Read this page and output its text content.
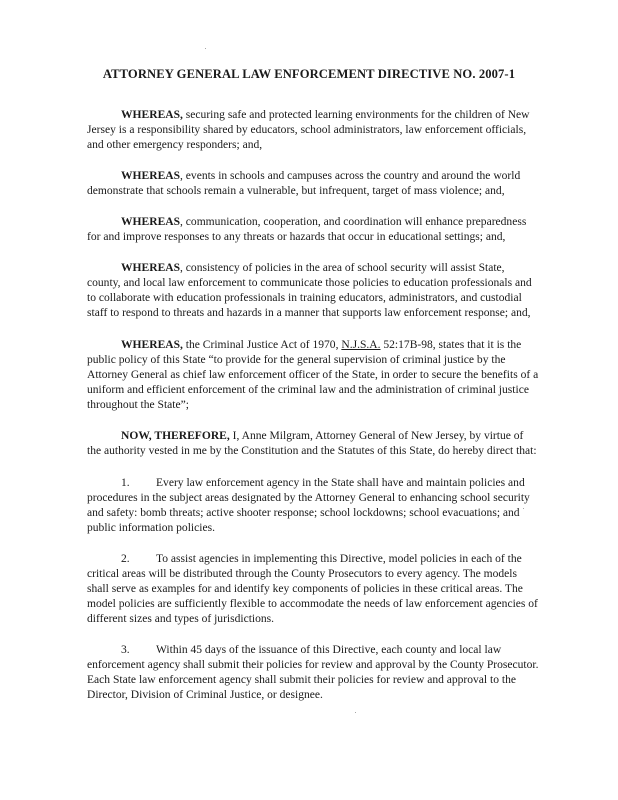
ATTORNEY GENERAL LAW ENFORCEMENT DIRECTIVE NO. 2007-1

WHEREAS, securing safe and protected learning environments for the children of New Jersey is a responsibility shared by educators, school administrators, law enforcement officials, and other emergency responders; and,

WHEREAS, events in schools and campuses across the country and around the world demonstrate that schools remain a vulnerable, but infrequent, target of mass violence; and,

WHEREAS, communication, cooperation, and coordination will enhance preparedness for and improve responses to any threats or hazards that occur in educational settings; and,

WHEREAS, consistency of policies in the area of school security will assist State, county, and local law enforcement to communicate those policies to education professionals and to collaborate with education professionals in training educators, administrators, and custodial staff to respond to threats and hazards in a manner that supports law enforcement response; and,

WHEREAS, the Criminal Justice Act of 1970, N.J.S.A. 52:17B-98, states that it is the public policy of this State “to provide for the general supervision of criminal justice by the Attorney General as chief law enforcement officer of the State, in order to secure the benefits of a uniform and efficient enforcement of the criminal law and the administration of criminal justice throughout the State”;

NOW, THEREFORE, I, Anne Milgram, Attorney General of New Jersey, by virtue of the authority vested in me by the Constitution and the Statutes of this State, do hereby direct that:

1. Every law enforcement agency in the State shall have and maintain policies and procedures in the subject areas designated by the Attorney General to enhancing school security and safety: bomb threats; active shooter response; school lockdowns; school evacuations; and public information policies.

2. To assist agencies in implementing this Directive, model policies in each of the critical areas will be distributed through the County Prosecutors to every agency. The models shall serve as examples for and identify key components of policies in these critical areas. The model policies are sufficiently flexible to accommodate the needs of law enforcement agencies of different sizes and types of jurisdictions.

3. Within 45 days of the issuance of this Directive, each county and local law enforcement agency shall submit their policies for review and approval by the County Prosecutor. Each State law enforcement agency shall submit their policies for review and approval to the Director, Division of Criminal Justice, or designee.
